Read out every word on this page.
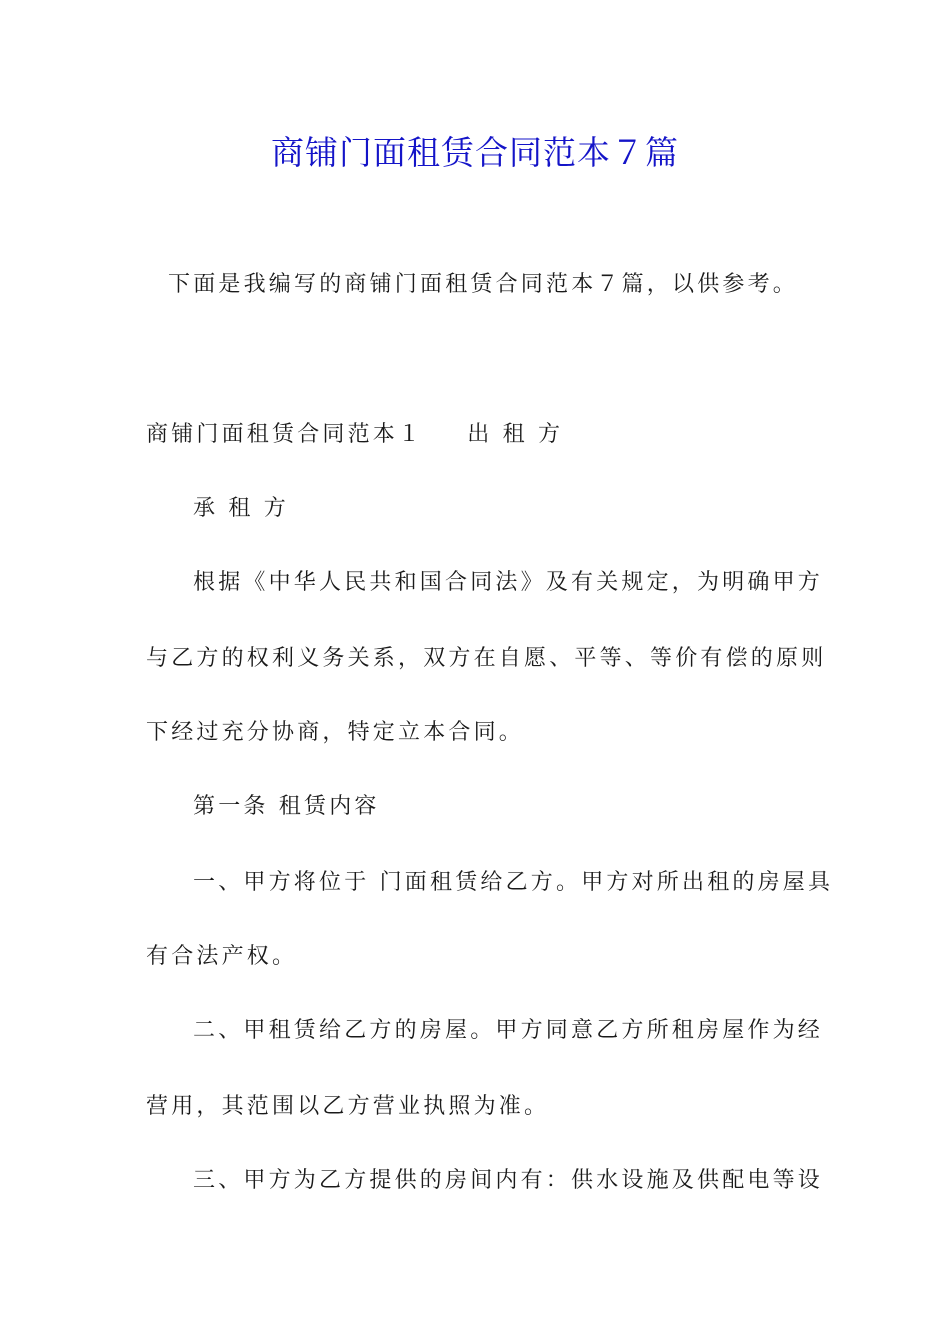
商铺门面租赁合同范本７篇
下面是我编写的商铺门面租赁合同范本７篇，以供参考。
商铺门面租赁合同范本１ 出 租 方
承 租 方
根据《中华人民共和国合同法》及有关规定，为明确甲方
与乙方的权利义务关系，双方在自愿、平等、等价有偿的原则
下经过充分协商，特定立本合同。
第一条 租赁内容
一、甲方将位于 门面租赁给乙方。甲方对所出租的房屋具
有合法产权。
二、甲租赁给乙方的房屋。甲方同意乙方所租房屋作为经
营用，其范围以乙方营业执照为准。
三、甲方为乙方提供的房间内有：供水设施及供配电等设
